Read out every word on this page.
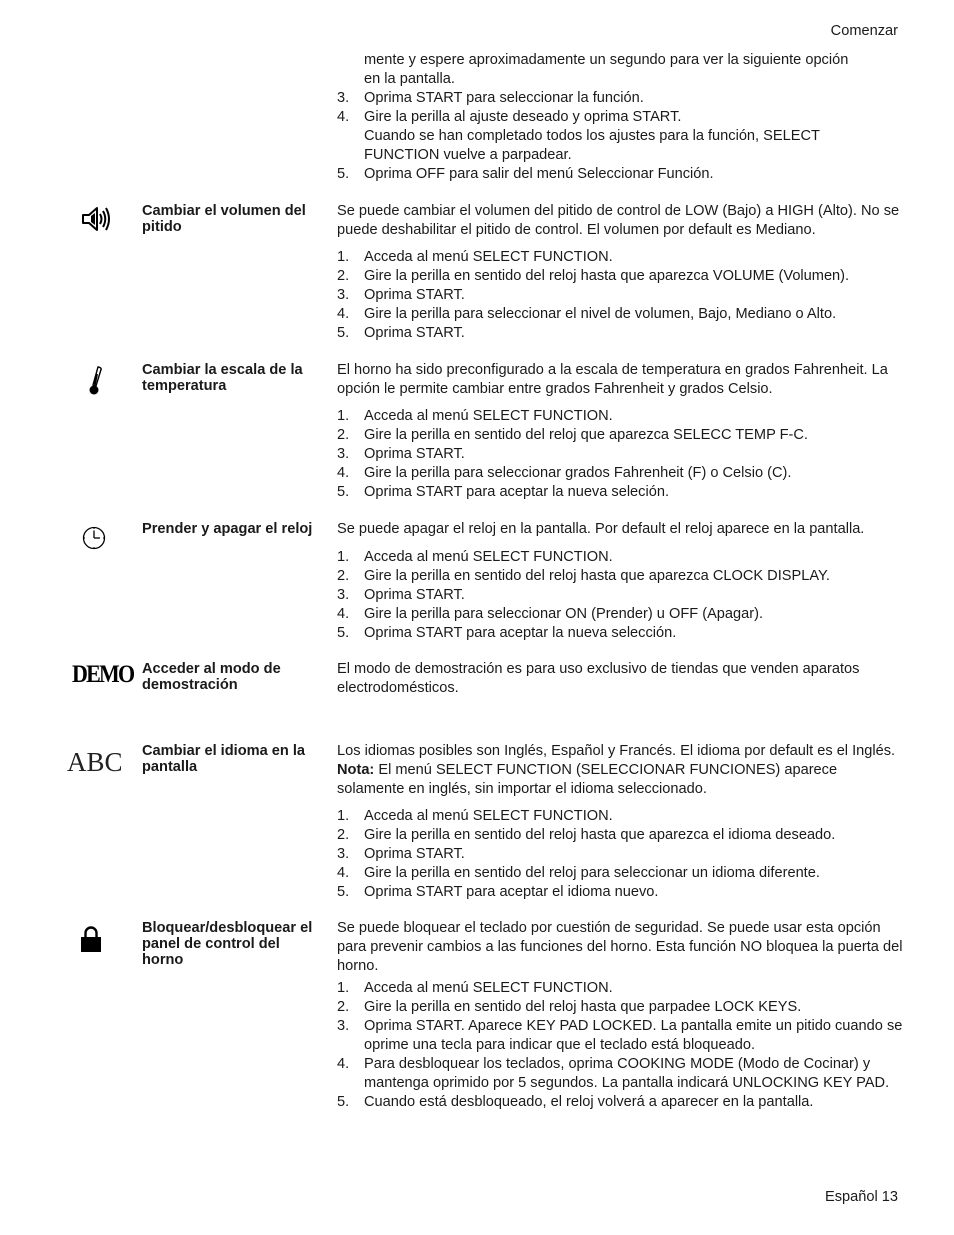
Comenzar
mente y espere aproximadamente un segundo para ver la siguiente opción
en la pantalla.
3.	Oprima START para seleccionar la función.
4.	Gire la perilla al ajuste deseado y oprima START.
Cuando se han completado todos los ajustes para la función, SELECT
FUNCTION vuelve a parpadear.
5.	Oprima OFF para salir del menú Seleccionar Función.
Cambiar el volumen del pitido
Se puede cambiar el volumen del pitido de control de LOW (Bajo) a HIGH (Alto). No se puede deshabilitar el pitido de control. El volumen por default es Mediano.
1.	Acceda al menú SELECT FUNCTION.
2.	Gire la perilla en sentido del reloj hasta que aparezca VOLUME (Volumen).
3.	Oprima START.
4.	Gire la perilla para seleccionar el nivel de volumen, Bajo, Mediano o Alto.
5.	Oprima START.
Cambiar la escala de la temperatura
El horno ha sido preconfigurado a la escala de temperatura en grados Fahrenheit. La opción le permite cambiar entre grados Fahrenheit y grados Celsio.
1.	Acceda al menú SELECT FUNCTION.
2.	Gire la perilla en sentido del reloj que aparezca SELECC TEMP F-C.
3.	Oprima START.
4.	Gire la perilla para seleccionar grados Fahrenheit (F) o Celsio (C).
5.	Oprima START para aceptar la nueva seleción.
Prender y apagar el reloj	Se puede apagar el reloj en la pantalla. Por default el reloj aparece en la pantalla.
1.	Acceda al menú SELECT FUNCTION.
2.	Gire la perilla en sentido del reloj hasta que aparezca CLOCK DISPLAY.
3.	Oprima START.
4.	Gire la perilla para seleccionar ON (Prender) u OFF (Apagar).
5.	Oprima START para aceptar la nueva selección.
DEMO Acceder al modo de demostración
El modo de demostración es para uso exclusivo de tiendas que venden aparatos electrodomésticos.
ABC Cambiar el idioma en la pantalla
Los idiomas posibles son Inglés, Español y Francés. El idioma por default es el Inglés. Nota: El menú SELECT FUNCTION (SELECCIONAR FUNCIONES) aparece solamente en inglés, sin importar el idioma seleccionado.
1.	Acceda al menú SELECT FUNCTION.
2.	Gire la perilla en sentido del reloj hasta que aparezca el idioma deseado.
3.	Oprima START.
4.	Gire la perilla en sentido del reloj para seleccionar un idioma diferente.
5.	Oprima START para aceptar el idioma nuevo.
Bloquear/desbloquear el panel de control del horno
Se puede bloquear el teclado por cuestión de seguridad. Se puede usar esta opción para prevenir cambios a las funciones del horno. Esta función NO bloquea la puerta del horno.
1.	Acceda al menú SELECT FUNCTION.
2.	Gire la perilla en sentido del reloj hasta que parpadee LOCK KEYS.
3.	Oprima START. Aparece KEY PAD LOCKED. La pantalla emite un pitido cuando se oprime una tecla para indicar que el teclado está bloqueado.
4.	Para desbloquear los teclados, oprima COOKING MODE (Modo de Cocinar) y mantenga oprimido por 5 segundos. La pantalla indicará UNLOCKING KEY PAD.
5.	Cuando está desbloqueado, el reloj volverá a aparecer en la pantalla.
Español 13
